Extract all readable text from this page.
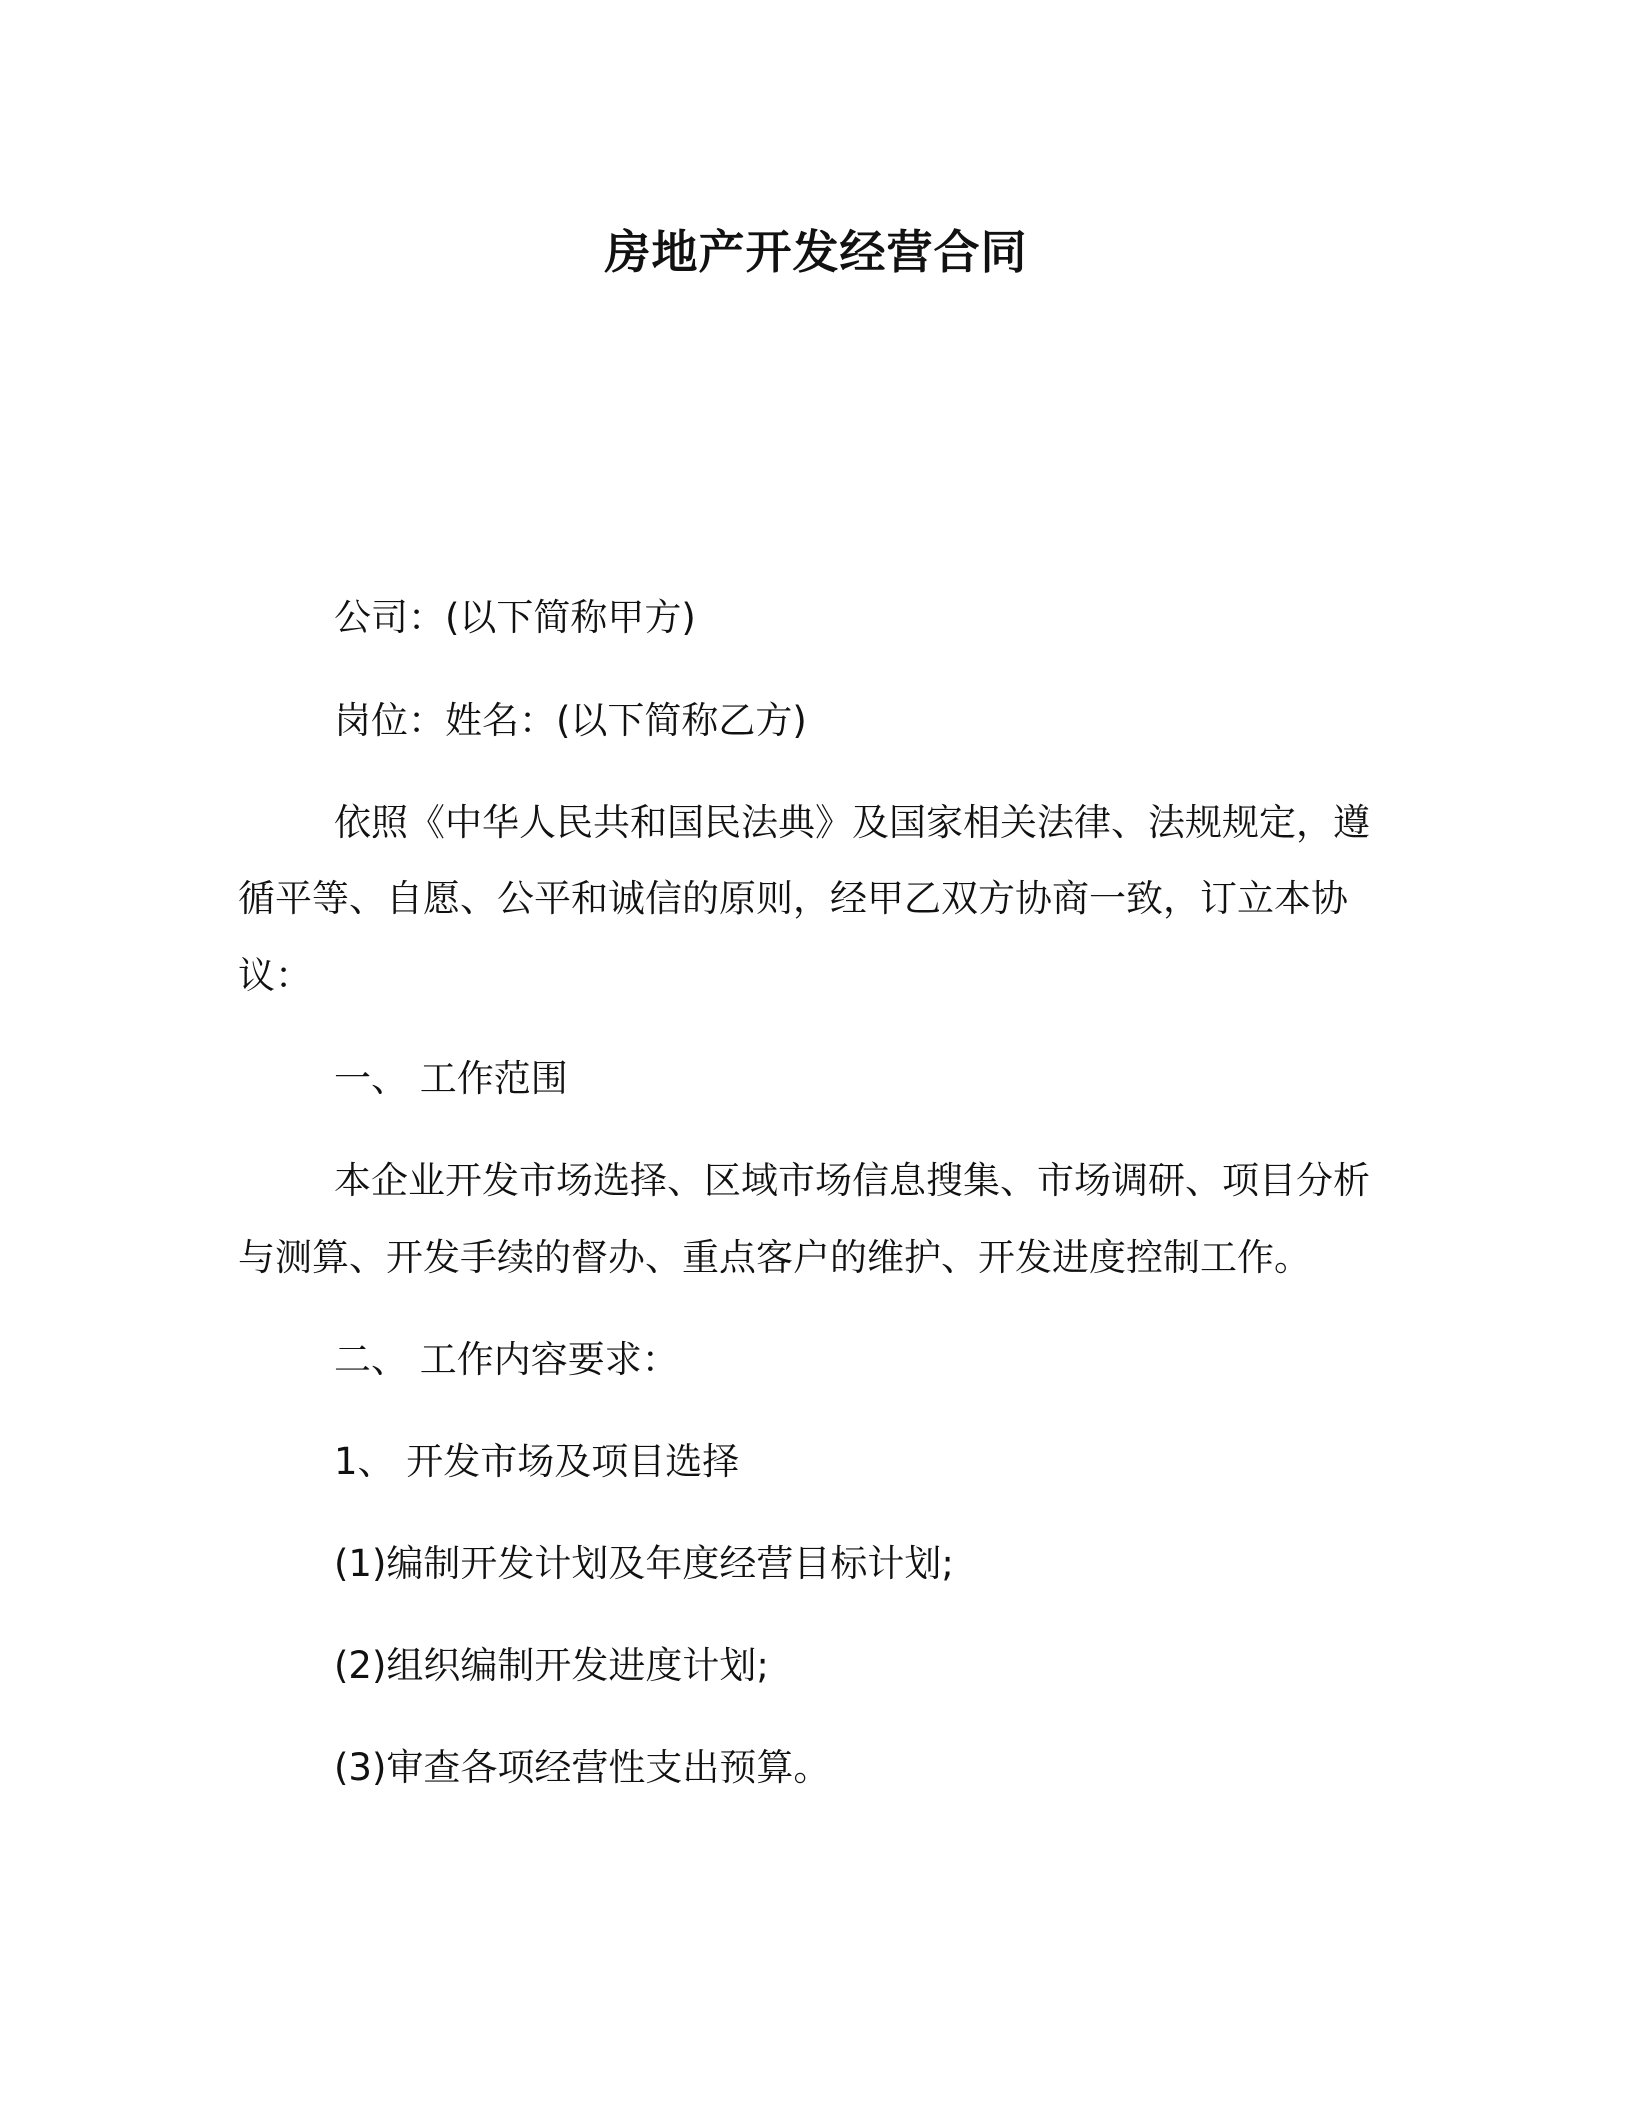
房地产开发经营合同
公司：(以下简称甲方)
岗位：姓名：(以下简称乙方)
依照《中华人民共和国民法典》及国家相关法律、法规规定，遵
循平等、自愿、公平和诚信的原则，经甲乙双方协商一致，订立本协
议：
一、 工作范围
本企业开发市场选择、区域市场信息搜集、市场调研、项目分析
与测算、开发手续的督办、重点客户的维护、开发进度控制工作。
二、 工作内容要求：
1、 开发市场及项目选择
(1)编制开发计划及年度经营目标计划;
(2)组织编制开发进度计划;
(3)审查各项经营性支出预算。
